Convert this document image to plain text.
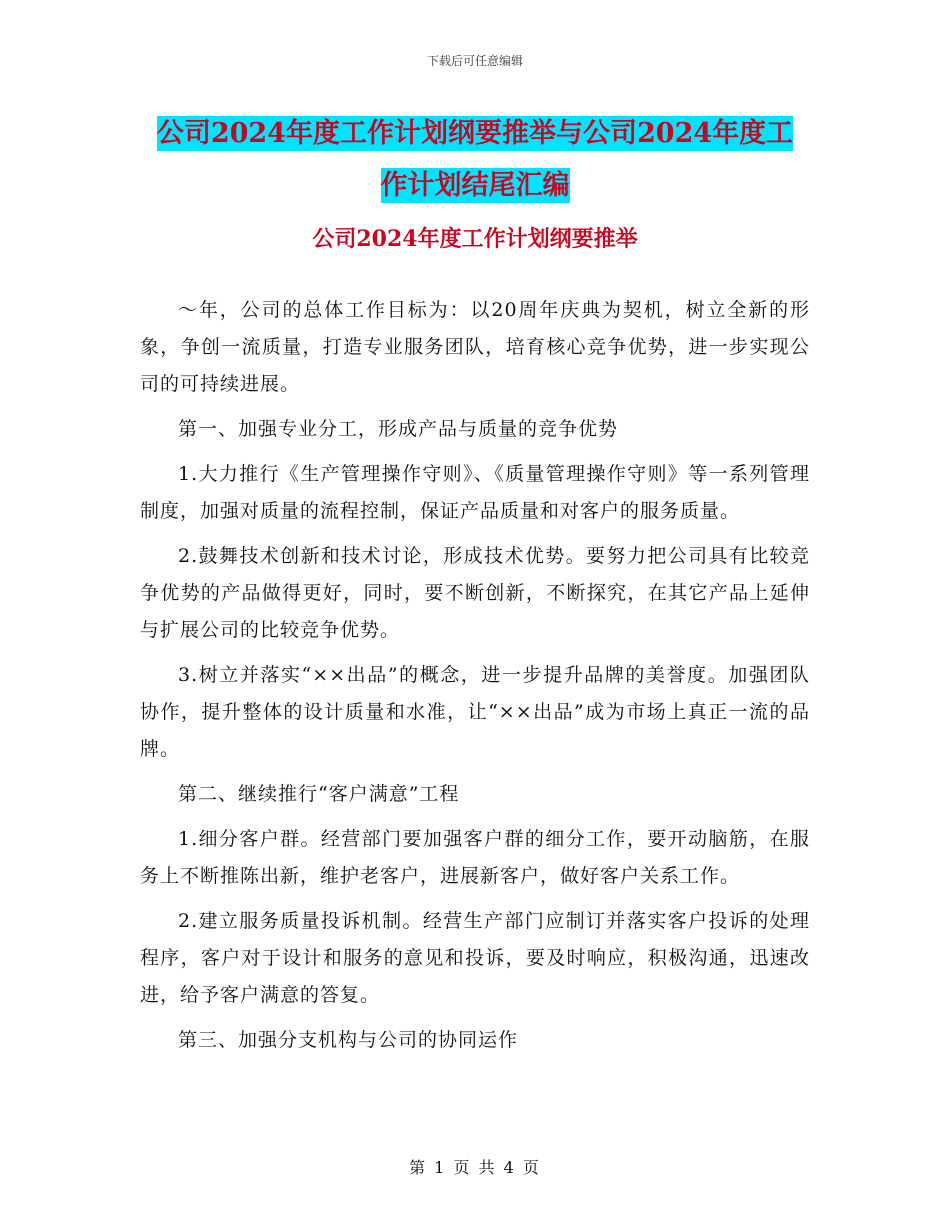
下载后可任意编辑
公司2024年度工作计划纲要推举与公司2024年度工
作计划结尾汇编
公司2024年度工作计划纲要推举

～年，公司的总体工作目标为：以20周年庆典为契机，树立全新的形象，争创一流质量，打造专业服务团队，培育核心竞争优势，进一步实现公司的可持续进展。

第一、加强专业分工，形成产品与质量的竞争优势

1.大力推行《生产管理操作守则》、《质量管理操作守则》等一系列管理制度，加强对质量的流程控制，保证产品质量和对客户的服务质量。

2.鼓舞技术创新和技术讨论，形成技术优势。要努力把公司具有比较竞争优势的产品做得更好，同时，要不断创新，不断探究，在其它产品上延伸与扩展公司的比较竞争优势。

3.树立并落实“××出品”的概念，进一步提升品牌的美誉度。加强团队协作，提升整体的设计质量和水准，让“××出品”成为市场上真正一流的品牌。

第二、继续推行“客户满意”工程

1.细分客户群。经营部门要加强客户群的细分工作，要开动脑筋，在服务上不断推陈出新，维护老客户，进展新客户，做好客户关系工作。

2.建立服务质量投诉机制。经营生产部门应制订并落实客户投诉的处理程序，客户对于设计和服务的意见和投诉，要及时响应，积极沟通，迅速改进，给予客户满意的答复。

第三、加强分支机构与公司的协同运作

第 1 页 共 4 页
